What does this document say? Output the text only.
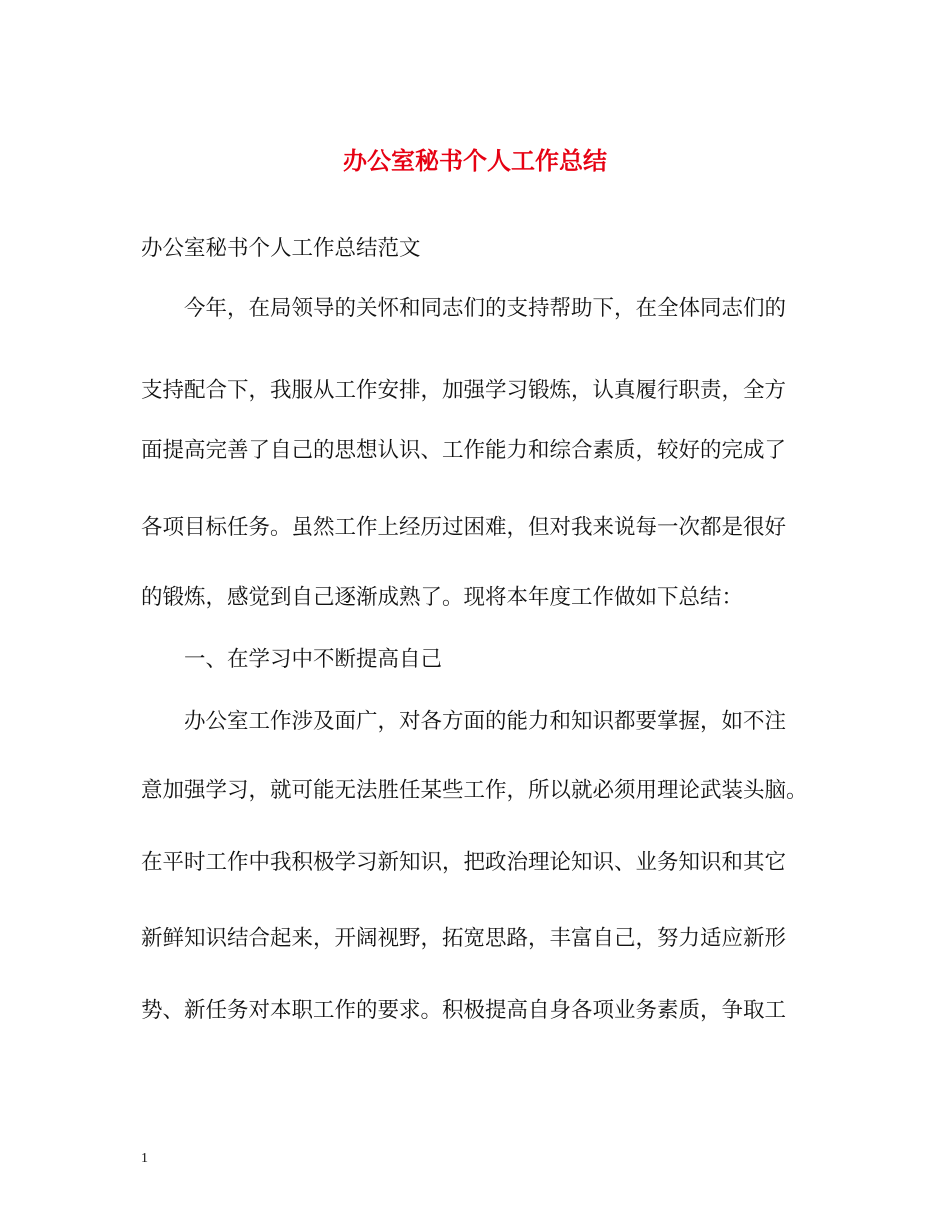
办公室秘书个人工作总结
办公室秘书个人工作总结范文
今年，在局领导的关怀和同志们的支持帮助下，在全体同志们的
支持配合下，我服从工作安排，加强学习锻炼，认真履行职责，全方
面提高完善了自己的思想认识、工作能力和综合素质，较好的完成了
各项目标任务。虽然工作上经历过困难，但对我来说每一次都是很好
的锻炼，感觉到自己逐渐成熟了。现将本年度工作做如下总结：
一、在学习中不断提高自己
办公室工作涉及面广，对各方面的能力和知识都要掌握，如不注
意加强学习，就可能无法胜任某些工作，所以就必须用理论武装头脑。
在平时工作中我积极学习新知识，把政治理论知识、业务知识和其它
新鲜知识结合起来，开阔视野，拓宽思路，丰富自己，努力适应新形
势、新任务对本职工作的要求。积极提高自身各项业务素质，争取工
1
